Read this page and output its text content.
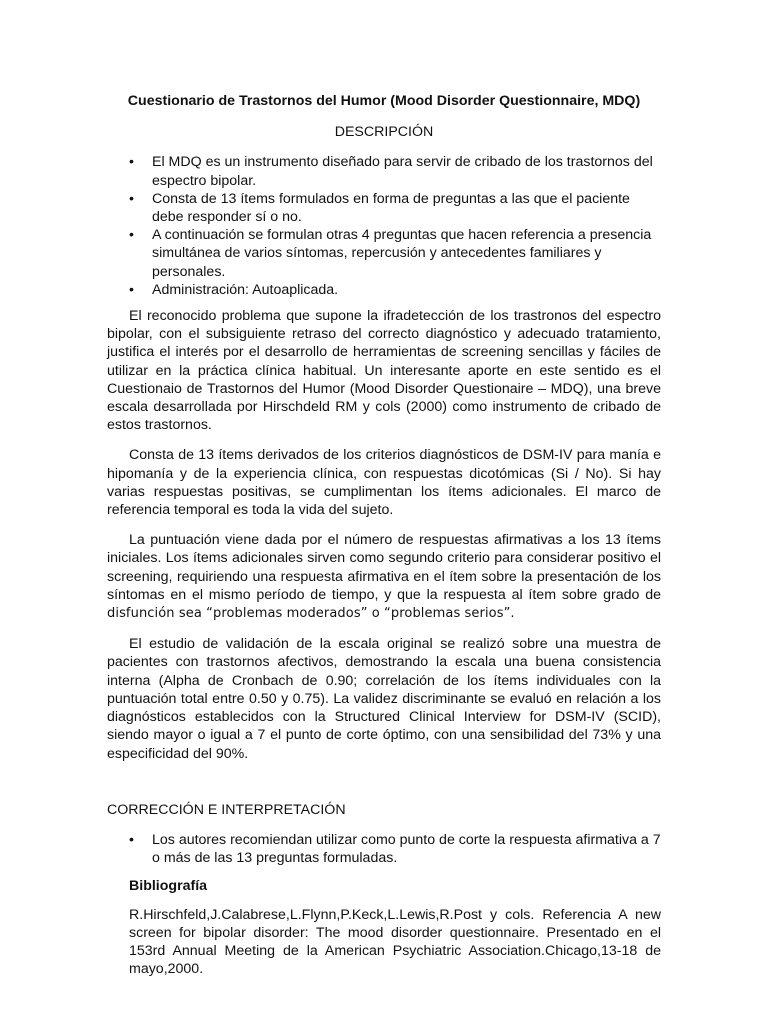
Cuestionario de Trastornos del Humor (Mood Disorder Questionnaire, MDQ)

DESCRIPCIÓN
• El MDQ es un instrumento diseñado para servir de cribado de los trastornos del espectro bipolar.
• Consta de 13 ítems formulados en forma de preguntas a las que el paciente debe responder sí o no.
• A continuación se formulan otras 4 preguntas que hacen referencia a presencia simultánea de varios síntomas, repercusión y antecedentes familiares y personales.
• Administración: Autoaplicada.

El reconocido problema que supone la ifradetección de los trastronos del espectro bipolar, con el subsiguiente retraso del correcto diagnóstico y adecuado tratamiento, justifica el interés por el desarrollo de herramientas de screening sencillas y fáciles de utilizar en la práctica clínica habitual. Un interesante aporte en este sentido es el Cuestionaio de Trastornos del Humor (Mood Disorder Questionaire – MDQ), una breve escala desarrollada por Hirschdeld RM y cols (2000) como instrumento de cribado de estos trastornos.

Consta de 13 ítems derivados de los criterios diagnósticos de DSM-IV para manía e hipomanía y de la experiencia clínica, con respuestas dicotómicas (Si / No). Si hay varias respuestas positivas, se cumplimentan los ítems adicionales. El marco de referencia temporal es toda la vida del sujeto.

La puntuación viene dada por el número de respuestas afirmativas a los 13 ítems iniciales. Los ítems adicionales sirven como segundo criterio para considerar positivo el screening, requiriendo una respuesta afirmativa en el ítem sobre la presentación de los síntomas en el mismo período de tiempo, y que la respuesta al ítem sobre grado de disfunción sea “problemas moderados” o “problemas serios”.

El estudio de validación de la escala original se realizó sobre una muestra de pacientes con trastornos afectivos, demostrando la escala una buena consistencia interna (Alpha de Cronbach de 0.90; correlación de los ítems individuales con la puntuación total entre 0.50 y 0.75). La validez discriminante se evaluó en relación a los diagnósticos establecidos con la Structured Clinical Interview for DSM-IV (SCID), siendo mayor o igual a 7 el punto de corte óptimo, con una sensibilidad del 73% y una especificidad del 90%.

CORRECCIÓN E INTERPRETACIÓN
• Los autores recomiendan utilizar como punto de corte la respuesta afirmativa a 7 o más de las 13 preguntas formuladas.
Bibliografía

R.Hirschfeld,J.Calabrese,L.Flynn,P.Keck,L.Lewis,R.Post y cols. Referencia A new screen for bipolar disorder: The mood disorder questionnaire. Presentado en el 153rd Annual Meeting de la American Psychiatric Association.Chicago,13-18 de mayo,2000.
